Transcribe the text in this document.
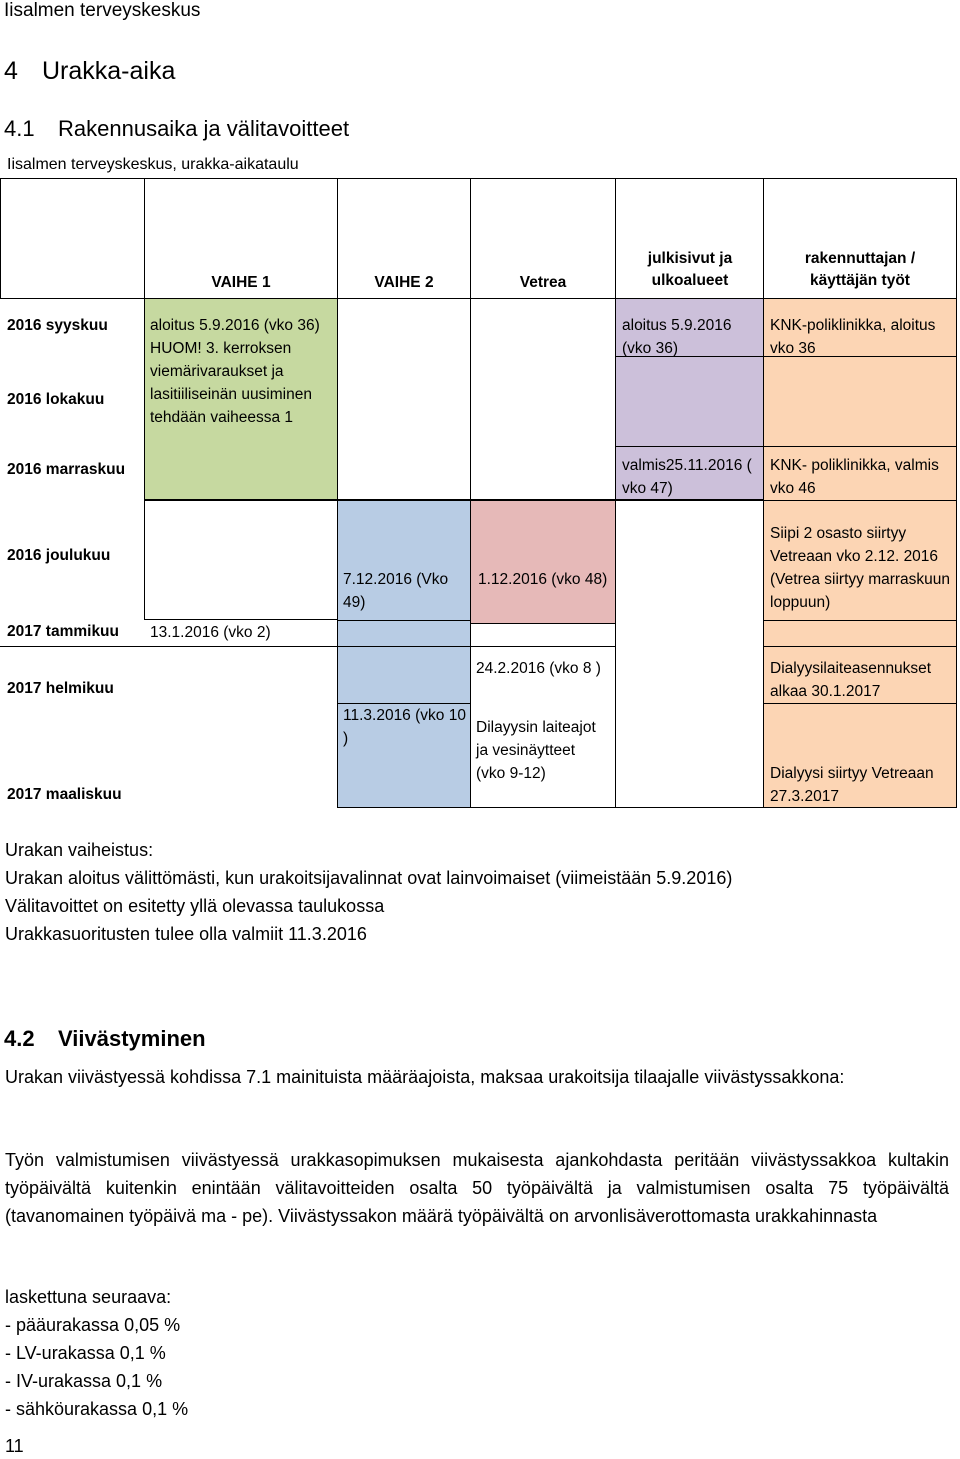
Iisalmen terveyskeskus
4 Urakka-aika
4.1 Rakennusaika ja välitavoitteet
Iisalmen terveyskeskus, urakka-aikataulu
VAIHE 1	VAIHE 2	Vetrea
julkisivut ja ulkoalueet
rakennuttajan / käyttäjän työt
2016 syyskuu
2016 lokakuu
2016 marraskuu
2016 joulukuu
2017 tammikuu
2017 helmikuu
2017 maaliskuu
aloitus 5.9.2016 (vko 36)
HUOM! 3. kerroksen viemärivaraukset ja lasitiiliseinän uusiminen tehdään vaiheessa 1
13.1.2016 (vko 2)
7.12.2016 (Vko 49)
11.3.2016 (vko 10 )
1.12.2016 (vko 48)
24.2.2016 (vko 8 )
Dilayysin laiteajot ja vesinäytteet (vko 9-12)
aloitus 5.9.2016 (vko 36)
valmis25.11.2016 ( vko 47)
KNK-poliklinikka, aloitus vko 36
KNK- poliklinikka, valmis vko 46
Siipi 2 osasto siirtyy Vetreaan vko 2.12. 2016 (Vetrea siirtyy marraskuun loppuun)
Dialyysilaiteasennukset alkaa 30.1.2017
Dialyysi siirtyy Vetreaan 27.3.2017
Urakan vaiheistus:
Urakan aloitus välittömästi, kun urakoitsijavalinnat ovat lainvoimaiset (viimeistään 5.9.2016)
Välitavoittet on esitetty yllä olevassa taulukossa
Urakkasuoritusten tulee olla valmiit 11.3.2016
4.2 Viivästyminen
Urakan viivästyessä kohdissa 7.1 mainituista määräajoista, maksaa urakoitsija tilaajalle viivästyssakkona:
Työn valmistumisen viivästyessä urakkasopimuksen mukaisesta ajankohdasta peritään viivästyssakkoa kultakin työpäivältä kuitenkin enintään välitavoitteiden osalta 50 työpäivältä ja valmistumisen osalta 75 työpäivältä (tavanomainen työpäivä ma - pe). Viivästyssakon määrä työpäivältä on arvonlisäverottomasta urakkahinnasta
laskettuna seuraava:
- pääurakassa 0,05 %
- LV-urakassa 0,1 %
- IV-urakassa 0,1 %
- sähköurakassa 0,1 %
11
